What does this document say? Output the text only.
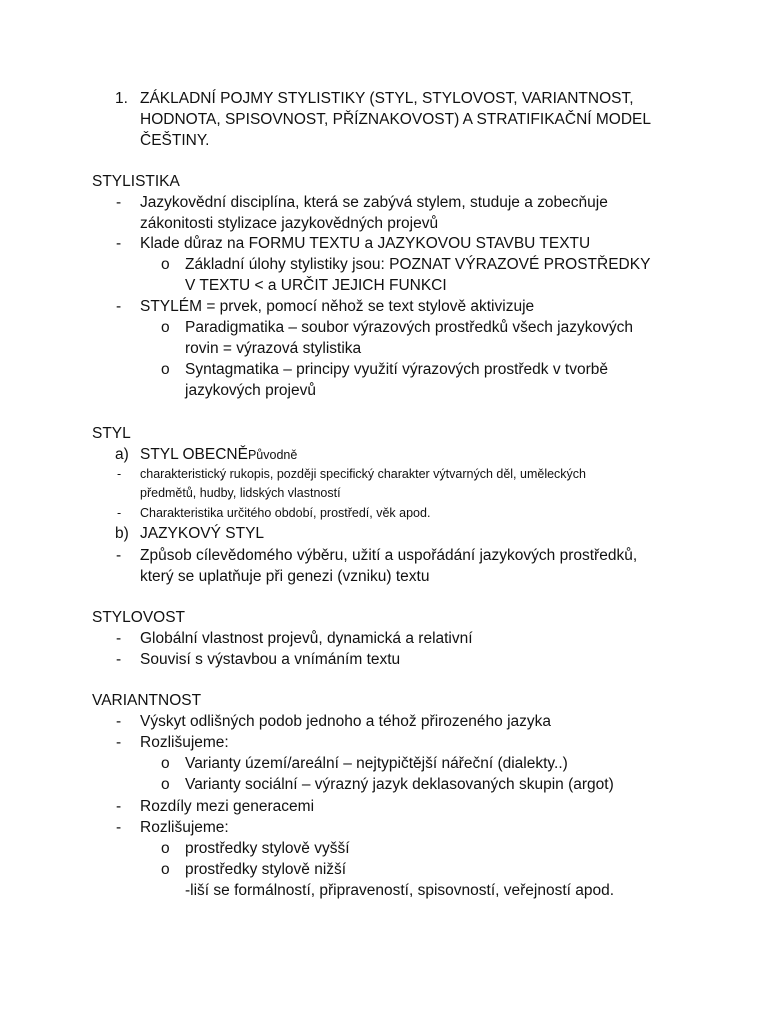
1. ZÁKLADNÍ POJMY STYLISTIKY (STYL, STYLOVOST, VARIANTNOST,
HODNOTA, SPISOVNOST, PŘÍZNAKOVOST) A STRATIFIKAČNÍ MODEL
ČEŠTINY.
STYLISTIKA
- Jazykovědní disciplína, která se zabývá stylem, studuje a zobecňuje
zákonitosti stylizace jazykovědných projevů
- Klade důraz na FORMU TEXTU a JAZYKOVOU STAVBU TEXTU
o Základní úlohy stylistiky jsou: POZNAT VÝRAZOVÉ PROSTŘEDKY
V TEXTU < a URČIT JEJICH FUNKCI
- STYLÉM = prvek, pomocí něhož se text stylově aktivizuje
o Paradigmatika – soubor výrazových prostředků všech jazykových
rovin = výrazová stylistika
o Syntagmatika – principy využití výrazových prostředk v tvorbě
jazykových projevů
STYL
a) STYL OBECNĚPůvodně
- charakteristický rukopis, později specifický charakter výtvarných děl, uměleckých
předmětů, hudby, lidských vlastností
- Charakteristika určitého období, prostředí, věk apod.
b) JAZYKOVÝ STYL
- Způsob cílevědomého výběru, užití a uspořádání jazykových prostředků,
který se uplatňuje při genezi (vzniku) textu
STYLOVOST
- Globální vlastnost projevů, dynamická a relativní
- Souvisí s výstavbou a vnímáním textu
VARIANTNOST
- Výskyt odlišných podob jednoho a téhož přirozeného jazyka
- Rozlišujeme:
o Varianty území/areální – nejtypičtější nářeční (dialekty..)
o Varianty sociální – výrazný jazyk deklasovaných skupin (argot)
- Rozdíly mezi generacemi
- Rozlišujeme:
o prostředky stylově vyšší
o prostředky stylově nižší
-liší se formálností, připraveností, spisovností, veřejností apod.
